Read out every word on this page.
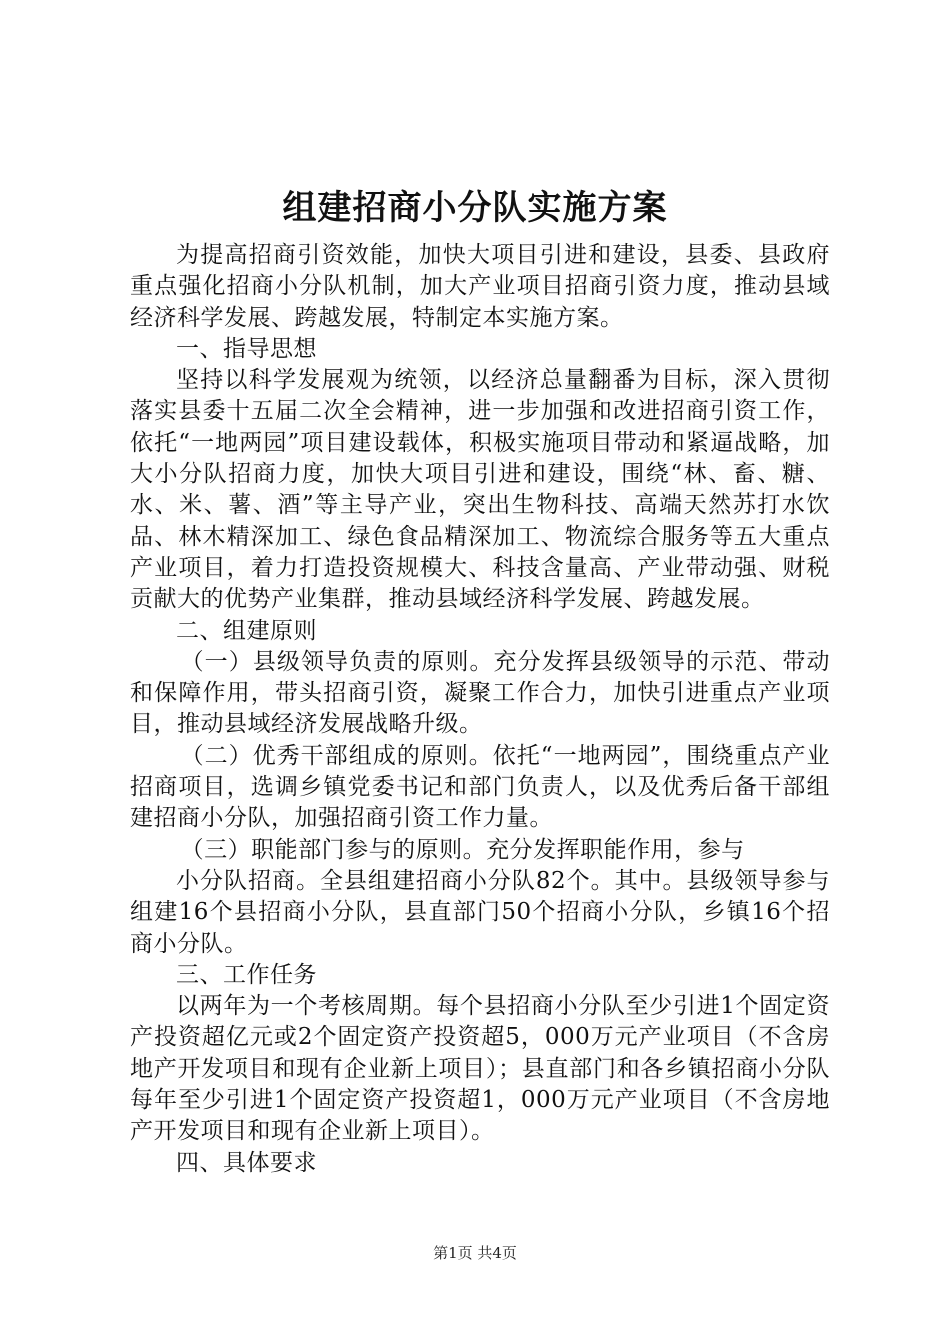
组建招商小分队实施方案

为提高招商引资效能，加快大项目引进和建设，县委、县政府重点强化招商小分队机制，加大产业项目招商引资力度，推动县域经济科学发展、跨越发展，特制定本实施方案。

一、指导思想

坚持以科学发展观为统领，以经济总量翻番为目标，深入贯彻落实县委十五届二次全会精神，进一步加强和改进招商引资工作，依托“一地两园”项目建设载体，积极实施项目带动和紧逼战略，加大小分队招商力度，加快大项目引进和建设，围绕“林、畜、糖、水、米、薯、酒”等主导产业，突出生物科技、高端天然苏打水饮品、林木精深加工、绿色食品精深加工、物流综合服务等五大重点产业项目，着力打造投资规模大、科技含量高、产业带动强、财税贡献大的优势产业集群，推动县域经济科学发展、跨越发展。

二、组建原则

（一）县级领导负责的原则。充分发挥县级领导的示范、带动和保障作用，带头招商引资，凝聚工作合力，加快引进重点产业项目，推动县域经济发展战略升级。

（二）优秀干部组成的原则。依托“一地两园”，围绕重点产业招商项目，选调乡镇党委书记和部门负责人，以及优秀后备干部组建招商小分队，加强招商引资工作力量。

（三）职能部门参与的原则。充分发挥职能作用，参与

小分队招商。全县组建招商小分队82个。其中。县级领导参与组建16个县招商小分队，县直部门50个招商小分队，乡镇16个招商小分队。

三、工作任务

以两年为一个考核周期。每个县招商小分队至少引进1个固定资产投资超亿元或2个固定资产投资超5，000万元产业项目（不含房地产开发项目和现有企业新上项目）；县直部门和各乡镇招商小分队每年至少引进1个固定资产投资超1，000万元产业项目（不含房地产开发项目和现有企业新上项目）。

四、具体要求

第1页 共4页
